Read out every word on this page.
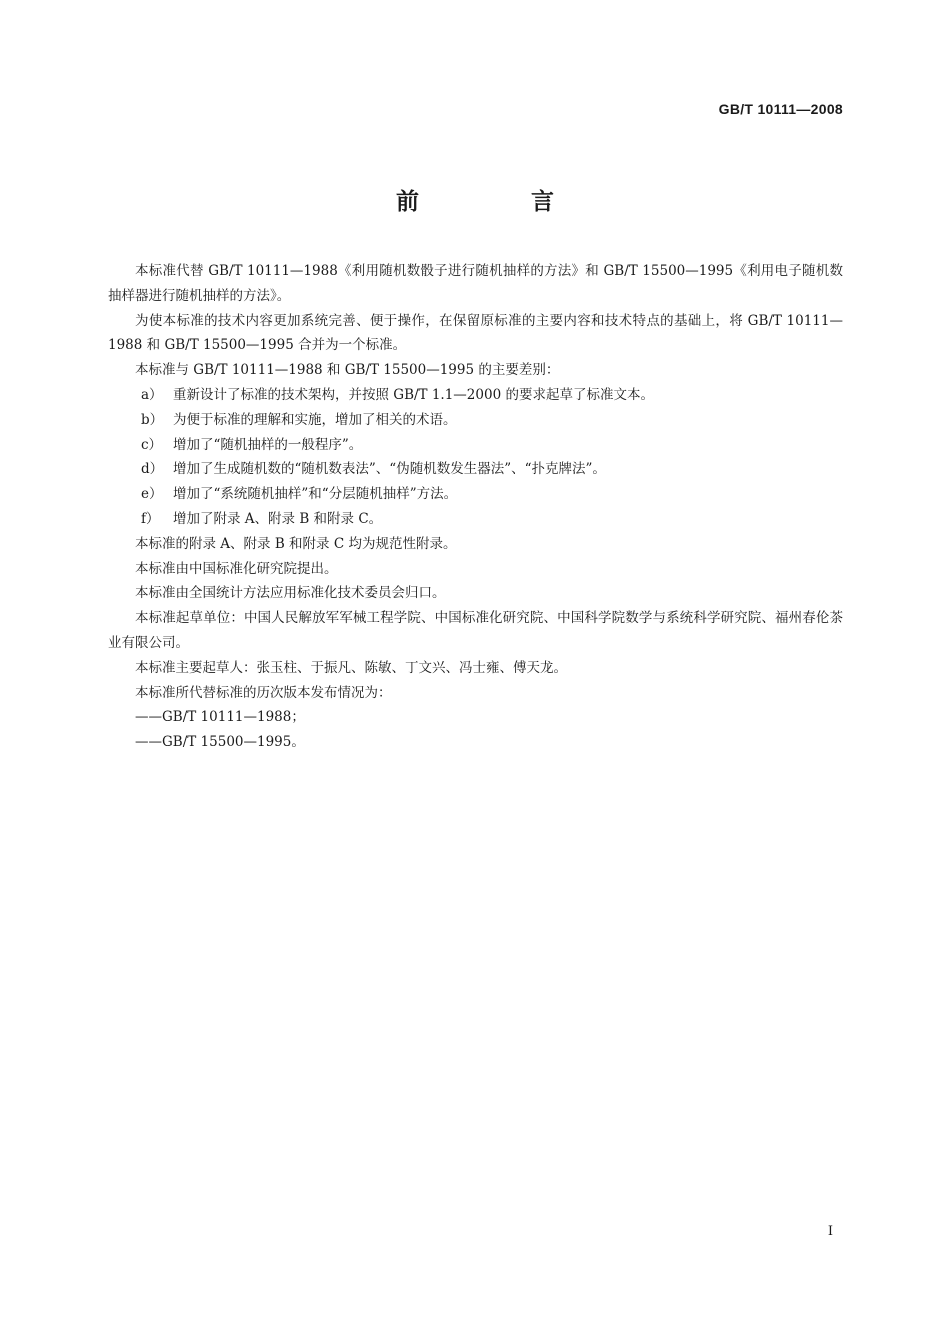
GB/T 10111—2008
前 言

本标准代替 GB/T 10111—1988《利用随机数骰子进行随机抽样的方法》和 GB/T 15500—1995《利用电子随机数抽样器进行随机抽样的方法》。

为使本标准的技术内容更加系统完善、便于操作，在保留原标准的主要内容和技术特点的基础上，将 GB/T 10111—1988 和 GB/T 15500—1995 合并为一个标准。

本标准与 GB/T 10111—1988 和 GB/T 15500—1995 的主要差别：

a） 重新设计了标准的技术架构，并按照 GB/T 1.1—2000 的要求起草了标准文本。

b） 为便于标准的理解和实施，增加了相关的术语。

c） 增加了“随机抽样的一般程序”。

d） 增加了生成随机数的“随机数表法”、“伪随机数发生器法”、“扑克牌法”。

e） 增加了“系统随机抽样”和“分层随机抽样”方法。

f） 增加了附录 A、附录 B 和附录 C。

本标准的附录 A、附录 B 和附录 C 均为规范性附录。

本标准由中国标准化研究院提出。

本标准由全国统计方法应用标准化技术委员会归口。

本标准起草单位：中国人民解放军军械工程学院、中国标准化研究院、中国科学院数学与系统科学研究院、福州春伦茶业有限公司。

本标准主要起草人：张玉柱、于振凡、陈敏、丁文兴、冯士雍、傅天龙。

本标准所代替标准的历次版本发布情况为：

——GB/T 10111—1988；

——GB/T 15500—1995。

I
